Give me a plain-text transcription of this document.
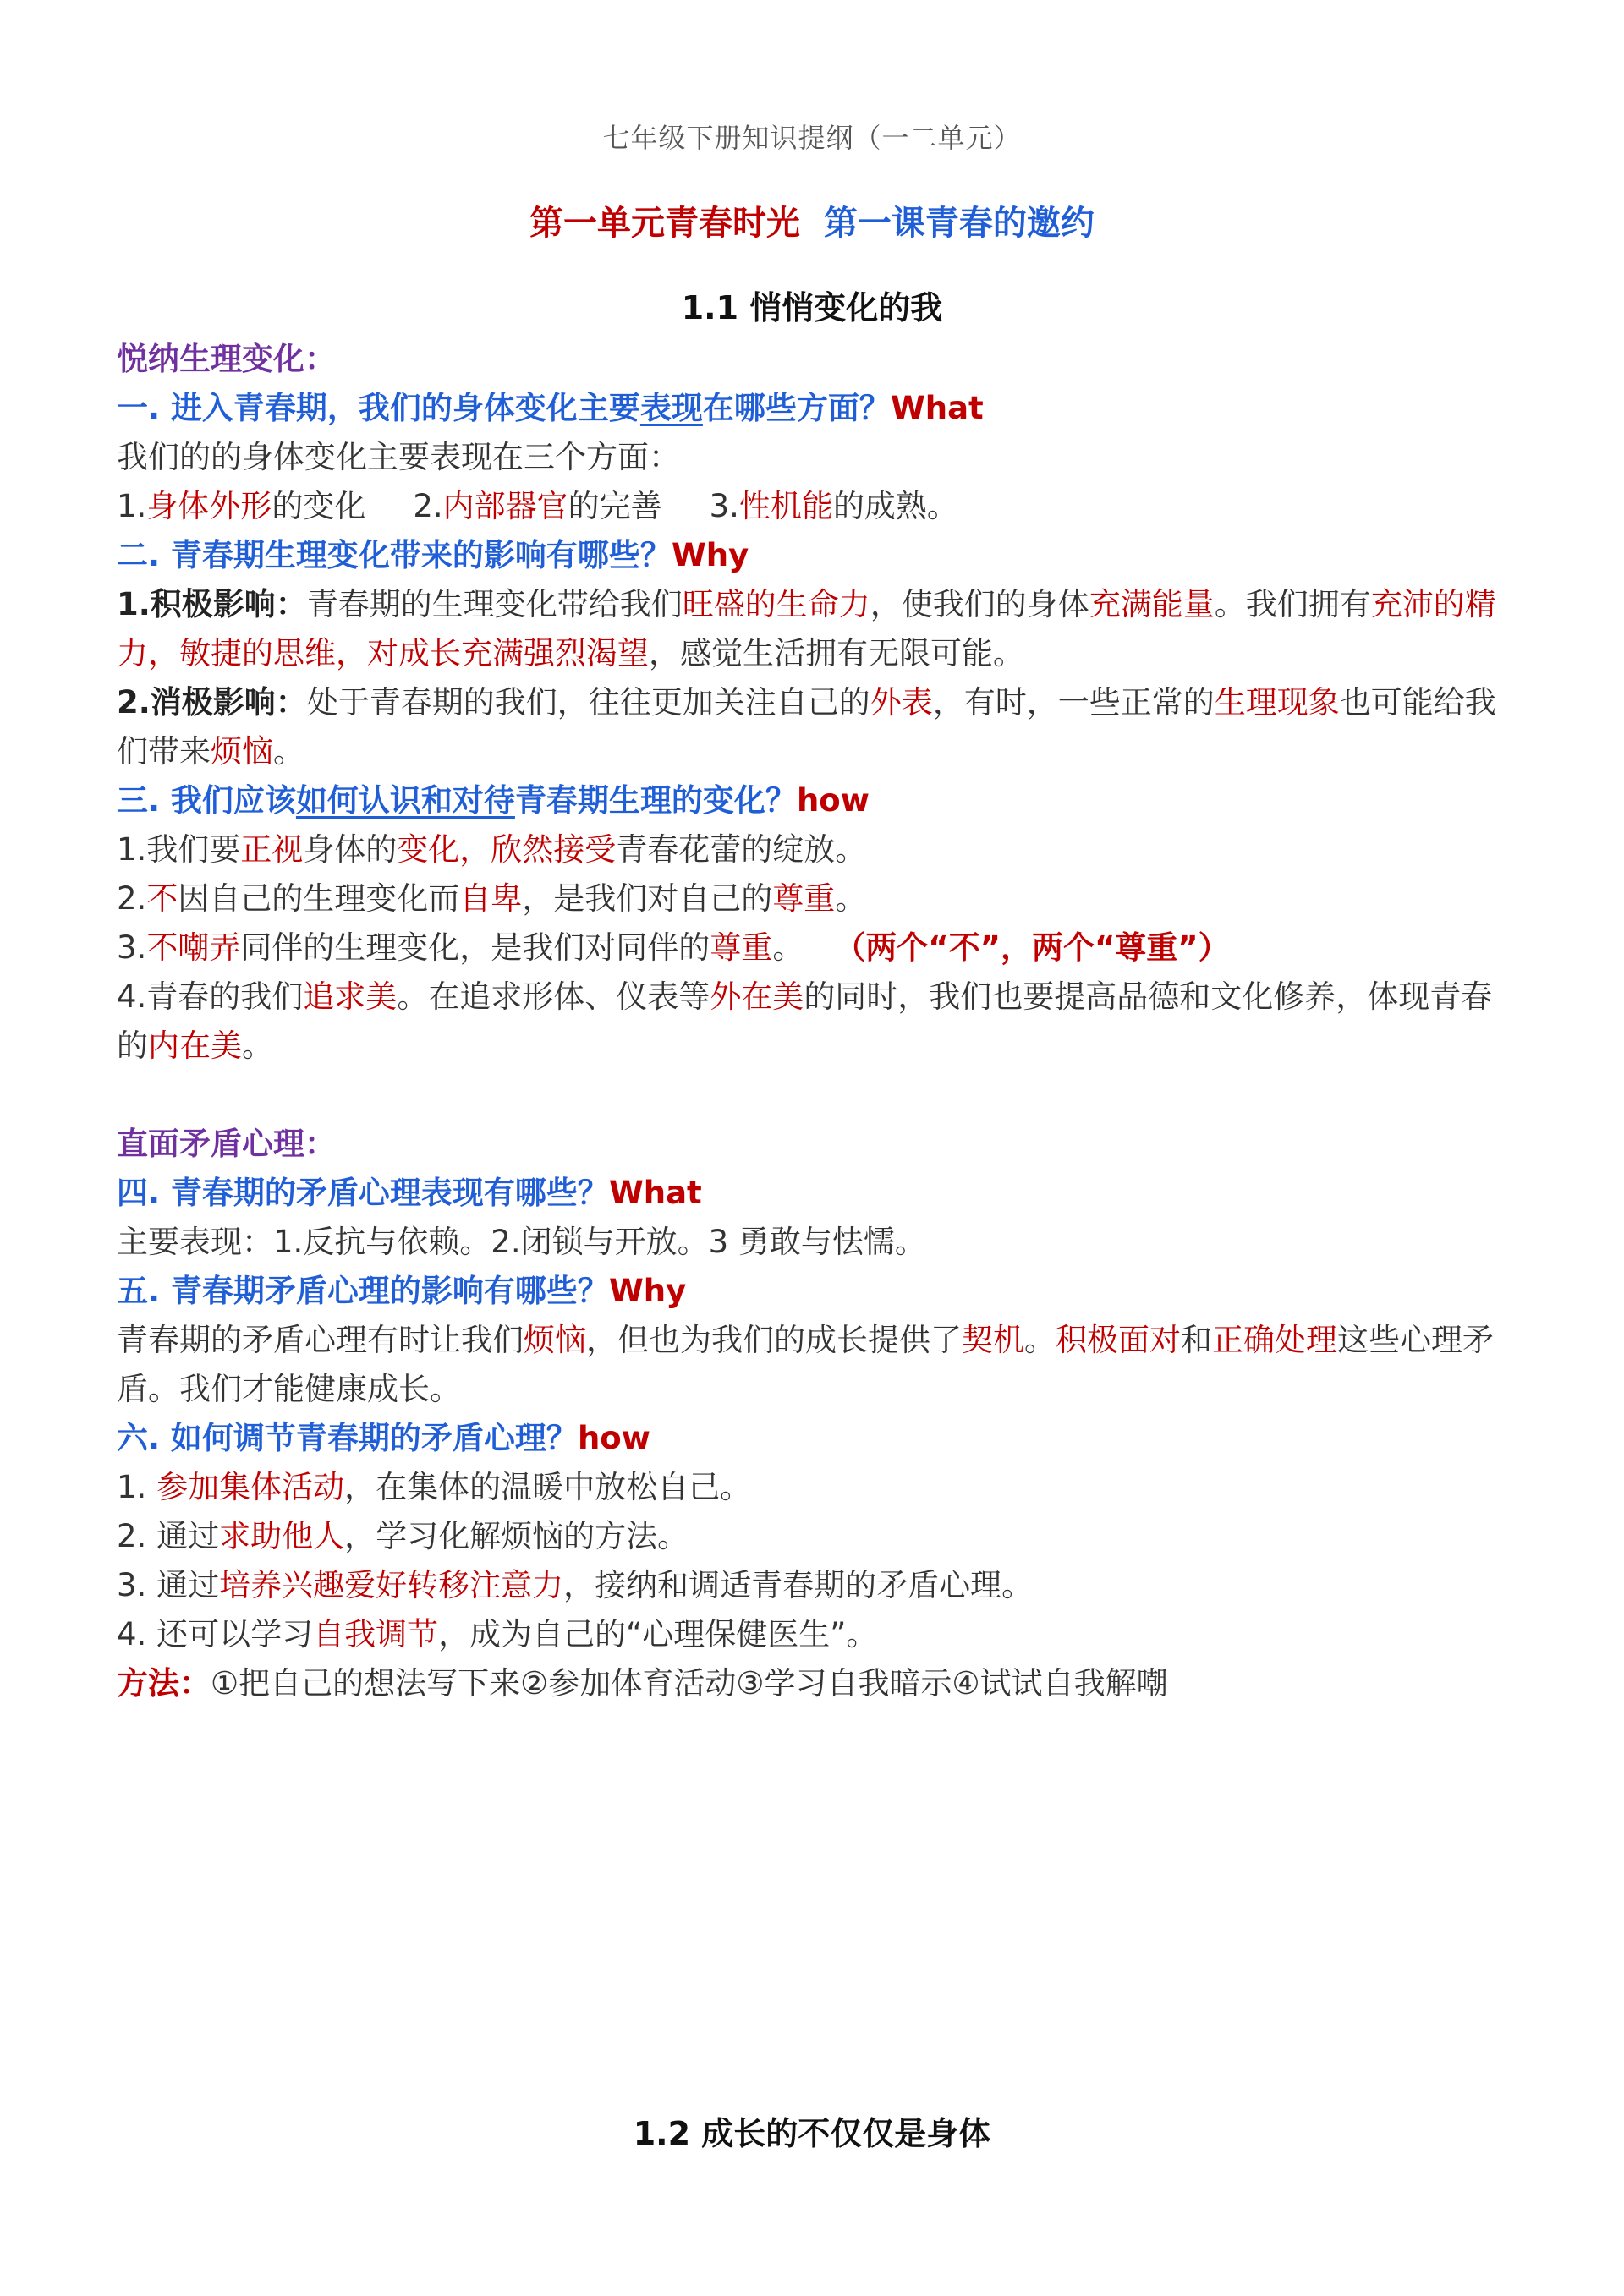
七年级下册知识提纲（一二单元）
第一单元青春时光 第一课青春的邀约
1.1 悄悄变化的我
悦纳生理变化：
一. 进入青春期，我们的身体变化主要表现在哪些方面？What
我们的的身体变化主要表现在三个方面：
1.身体外形的变化 2.内部器官的完善 3.性机能的成熟。
二. 青春期生理变化带来的影响有哪些？Why
1.积极影响：青春期的生理变化带给我们旺盛的生命力，使我们的身体充满能量。我们拥有充沛的精力，敏捷的思维，对成长充满强烈渴望，感觉生活拥有无限可能。
2.消极影响：处于青春期的我们，往往更加关注自己的外表，有时，一些正常的生理现象也可能给我们带来烦恼。
三. 我们应该如何认识和对待青春期生理的变化？how
1.我们要正视身体的变化，欣然接受青春花蕾的绽放。
2.不因自己的生理变化而自卑，是我们对自己的尊重。
3.不嘲弄同伴的生理变化，是我们对同伴的尊重。 （两个“不”，两个“尊重”）
4.青春的我们追求美。在追求形体、仪表等外在美的同时，我们也要提高品德和文化修养，体现青春的内在美。
直面矛盾心理：
四. 青春期的矛盾心理表现有哪些？What
主要表现：1.反抗与依赖。2.闭锁与开放。3 勇敢与怯懦。
五. 青春期矛盾心理的影响有哪些？Why
青春期的矛盾心理有时让我们烦恼，但也为我们的成长提供了契机。积极面对和正确处理这些心理矛盾。我们才能健康成长。
六. 如何调节青春期的矛盾心理？how
1. 参加集体活动，在集体的温暖中放松自己。
2. 通过求助他人，学习化解烦恼的方法。
3. 通过培养兴趣爱好转移注意力，接纳和调适青春期的矛盾心理。
4. 还可以学习自我调节，成为自己的“心理保健医生”。
方法：①把自己的想法写下来②参加体育活动③学习自我暗示④试试自我解嘲
1.2 成长的不仅仅是身体
